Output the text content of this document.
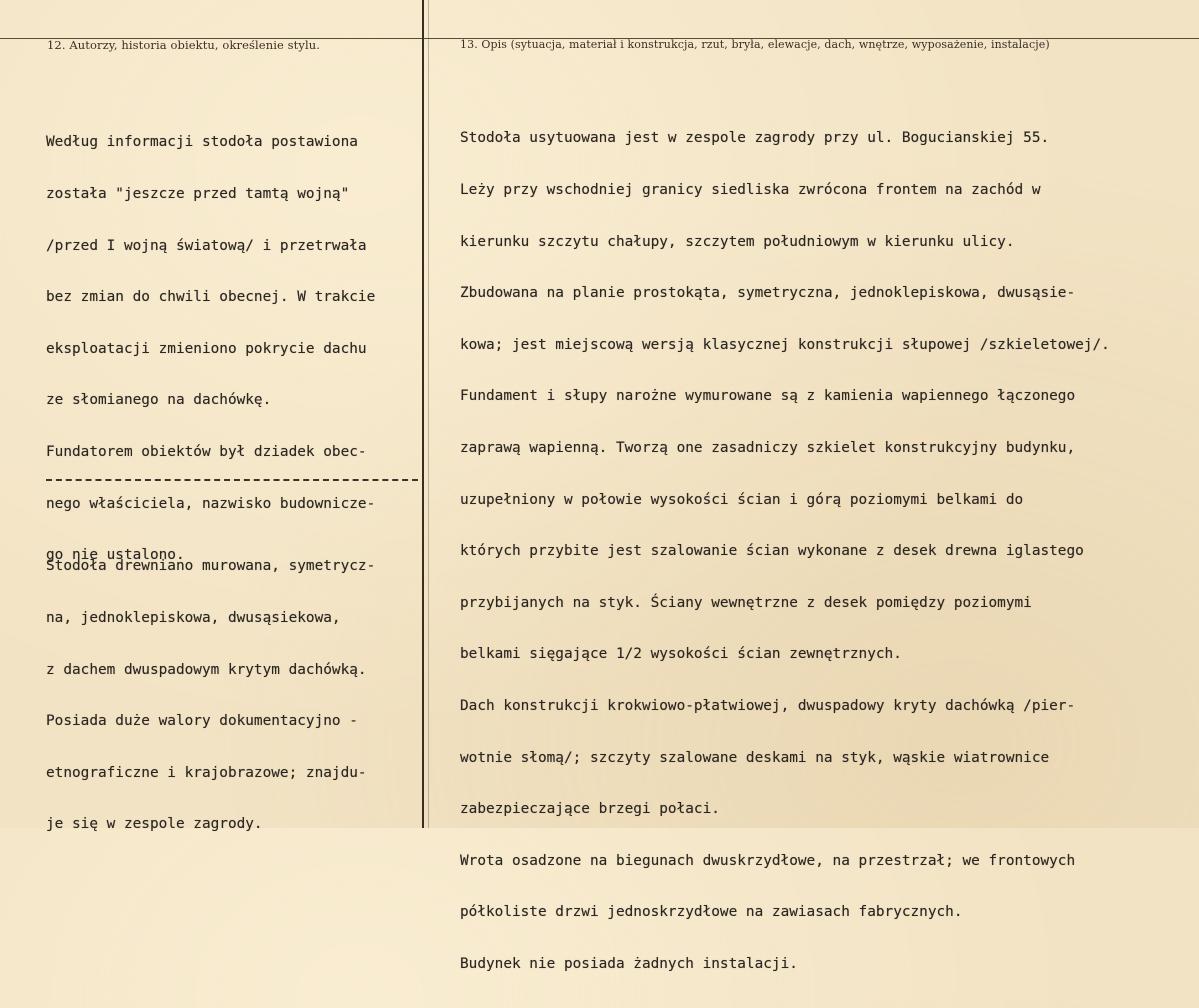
12. Autorzy, historia obiektu, określenie stylu.	13. Opis (sytuacja, materiał i konstrukcja, rzut, bryła, elewacje, dach, wnętrze, wyposażenie, instalacje)

Według informacji stodoła postawiona

została "jeszcze przed tamtą wojną"

/przed I wojną światową/ i przetrwała

bez zmian do chwili obecnej. W trakcie

eksploatacji zmieniono pokrycie dachu

ze słomianego na dachówkę.

Fundatorem obiektów był dziadek obec-

nego właściciela, nazwisko budownicze-

go nie ustalono.

Stodoła drewniano murowana, symetrycz-

na, jednoklepiskowa, dwusąsiekowa,

z dachem dwuspadowym krytym dachówką.

Posiada duże walory dokumentacyjno -

etnograficzne i krajobrazowe; znajdu-

je się w zespole zagrody.

Stodoła usytuowana jest w zespole zagrody przy ul. Bogucianskiej 55.

Leży przy wschodniej granicy siedliska zwrócona frontem na zachód w

kierunku szczytu chałupy, szczytem południowym w kierunku ulicy.

Zbudowana na planie prostokąta, symetryczna, jednoklepiskowa, dwusąsie-

kowa; jest miejscową wersją klasycznej konstrukcji słupowej /szkieletowej/.

Fundament i słupy narożne wymurowane są z kamienia wapiennego łączonego

zaprawą wapienną. Tworzą one zasadniczy szkielet konstrukcyjny budynku,

uzupełniony w połowie wysokości ścian i górą poziomymi belkami do

których przybite jest szalowanie ścian wykonane z desek drewna iglastego

przybijanych na styk. Ściany wewnętrzne z desek pomiędzy poziomymi

belkami sięgające 1/2 wysokości ścian zewnętrznych.

Dach konstrukcji krokwiowo-płatwiowej, dwuspadowy kryty dachówką /pier-

wotnie słomą/; szczyty szalowane deskami na styk, wąskie wiatrownice

zabezpieczające brzegi połaci.

Wrota osadzone na biegunach dwuskrzydłowe, na przestrzał; we frontowych

półkoliste drzwi jednoskrzydłowe na zawiasach fabrycznych.

Budynek nie posiada żadnych instalacji.
